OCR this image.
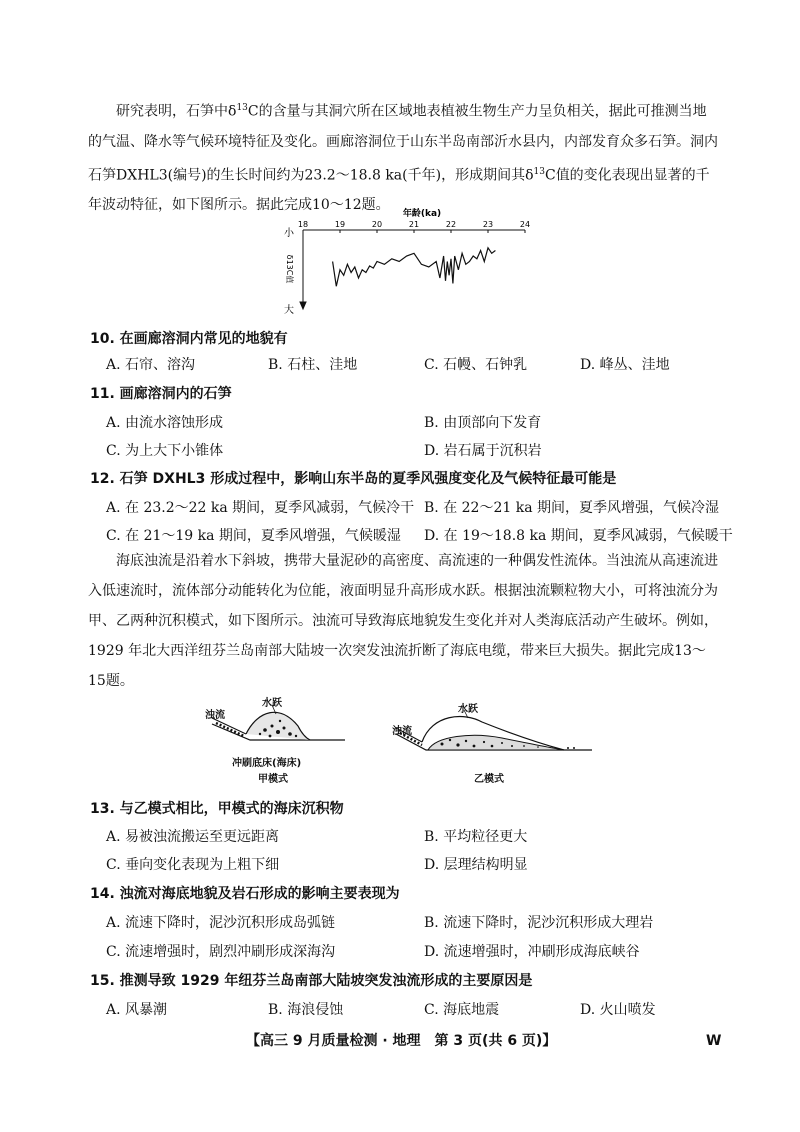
研究表明，石笋中$\delta^{13}C$的含量与其洞穴所在区域地表植被生物生产力呈负相关，据此可推测当地的气温、降水等气候环境特征及变化。画廊溶洞位于山东半岛南部沂水县内，内部发育众多石笋。洞内石笋DXHL3(编号)的生长时间约为23.2～18.8 ka(千年)，形成期间其$\delta^{13}C$值的变化表现出显著的千年波动特征，如下图所示。据此完成10～12题。
18	19	20	21	22	23	24
年龄(ka)
小
大
δ13C值
10. 在画廊溶洞内常见的地貌有
A. 石帘、溶沟	B. 石柱、洼地	C. 石幔、石钟乳	D. 峰丛、洼地
11. 画廊溶洞内的石笋
A. 由流水溶蚀形成	B. 由顶部向下发育
C. 为上大下小锥体	D. 岩石属于沉积岩
12. 石笋 DXHL3 形成过程中，影响山东半岛的夏季风强度变化及气候特征最可能是
A. 在 23.2～22 ka 期间，夏季风减弱，气候冷干 B. 在 22～21 ka 期间，夏季风增强，气候冷湿
C. 在 21～19 ka 期间，夏季风增强，气候暖湿 D. 在 19～18.8 ka 期间，夏季风减弱，气候暖干
海底浊流是沿着水下斜坡，携带大量泥砂的高密度、高流速的一种偶发性流体。当浊流从高速流进入低速流时，流体部分动能转化为位能，液面明显升高形成水跃。根据浊流颗粒物大小，可将浊流分为甲、乙两种沉积模式，如下图所示。浊流可导致海底地貌发生变化并对人类海底活动产生破坏。例如，1929 年北大西洋纽芬兰岛南部大陆坡一次突发浊流折断了海底电缆，带来巨大损失。据此完成13～15题。
浊流
水跃
冲刷底床(海床)
甲模式
浊流
水跃
乙模式
13. 与乙模式相比，甲模式的海床沉积物
A. 易被浊流搬运至更远距离	B. 平均粒径更大
C. 垂向变化表现为上粗下细	D. 层理结构明显
14. 浊流对海底地貌及岩石形成的影响主要表现为
A. 流速下降时，泥沙沉积形成岛弧链	B. 流速下降时，泥沙沉积形成大理岩
C. 流速增强时，剧烈冲刷形成深海沟	D. 流速增强时，冲刷形成海底峡谷
15. 推测导致 1929 年纽芬兰岛南部大陆坡突发浊流形成的主要原因是
A. 风暴潮	B. 海浪侵蚀	C. 海底地震	D. 火山喷发
【高三 9 月质量检测 · 地理　第 3 页(共 6 页)】	W
